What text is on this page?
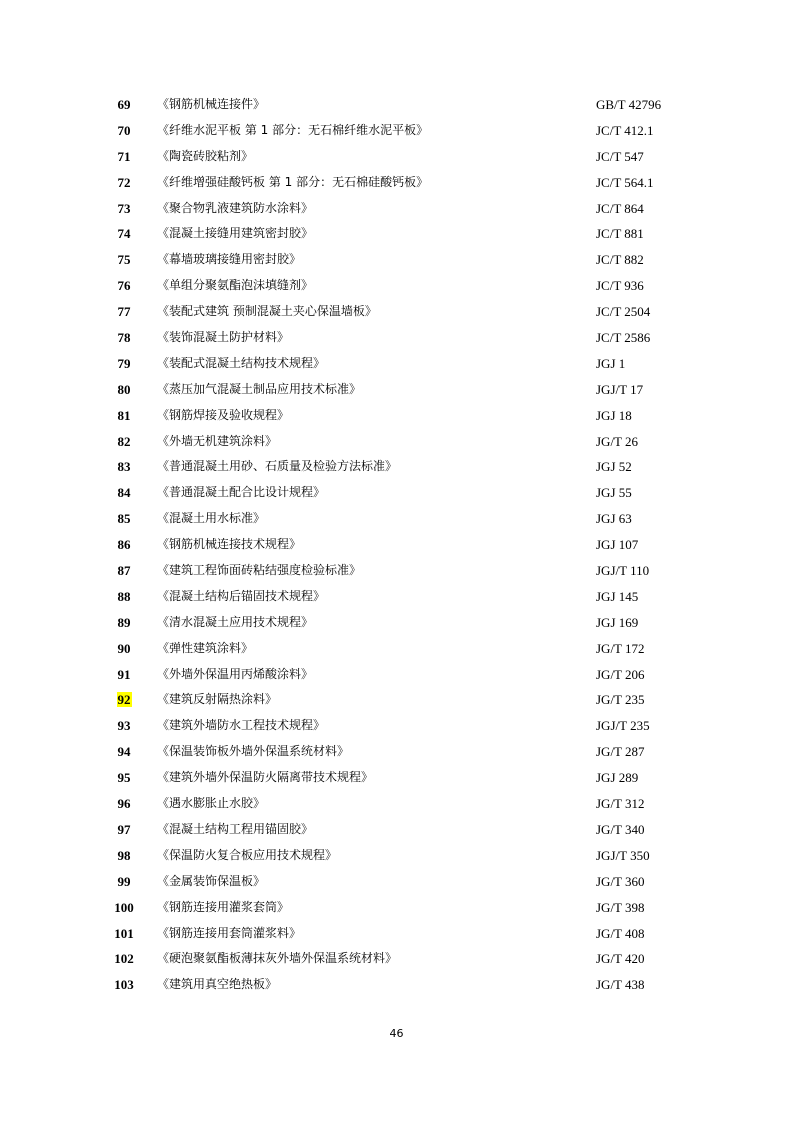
69	《钢筋机械连接件》	GB/T 42796
70	《纤维水泥平板 第 1 部分：无石棉纤维水泥平板》	JC/T 412.1
71	《陶瓷砖胶粘剂》	JC/T 547
72	《纤维增强硅酸钙板 第 1 部分：无石棉硅酸钙板》	JC/T 564.1
73	《聚合物乳液建筑防水涂料》	JC/T 864
74	《混凝土接缝用建筑密封胶》	JC/T 881
75	《幕墙玻璃接缝用密封胶》	JC/T 882
76	《单组分聚氨酯泡沫填缝剂》	JC/T 936
77	《装配式建筑 预制混凝土夹心保温墙板》	JC/T 2504
78	《装饰混凝土防护材料》	JC/T 2586
79	《装配式混凝土结构技术规程》	JGJ 1
80	《蒸压加气混凝土制品应用技术标准》	JGJ/T 17
81	《钢筋焊接及验收规程》	JGJ 18
82	《外墙无机建筑涂料》	JG/T 26
83	《普通混凝土用砂、石质量及检验方法标准》	JGJ 52
84	《普通混凝土配合比设计规程》	JGJ 55
85	《混凝土用水标准》	JGJ 63
86	《钢筋机械连接技术规程》	JGJ 107
87	《建筑工程饰面砖粘结强度检验标准》	JGJ/T 110
88	《混凝土结构后锚固技术规程》	JGJ 145
89	《清水混凝土应用技术规程》	JGJ 169
90	《弹性建筑涂料》	JG/T 172
91	《外墙外保温用丙烯酸涂料》	JG/T 206
92	《建筑反射隔热涂料》	JG/T 235
93	《建筑外墙防水工程技术规程》	JGJ/T 235
94	《保温装饰板外墙外保温系统材料》	JG/T 287
95	《建筑外墙外保温防火隔离带技术规程》	JGJ 289
96	《遇水膨胀止水胶》	JG/T 312
97	《混凝土结构工程用锚固胶》	JG/T 340
98	《保温防火复合板应用技术规程》	JGJ/T 350
99	《金属装饰保温板》	JG/T 360
100	《钢筋连接用灌浆套筒》	JG/T 398
101	《钢筋连接用套筒灌浆料》	JG/T 408
102	《硬泡聚氨酯板薄抹灰外墙外保温系统材料》	JG/T 420
103	《建筑用真空绝热板》	JG/T 438
46
